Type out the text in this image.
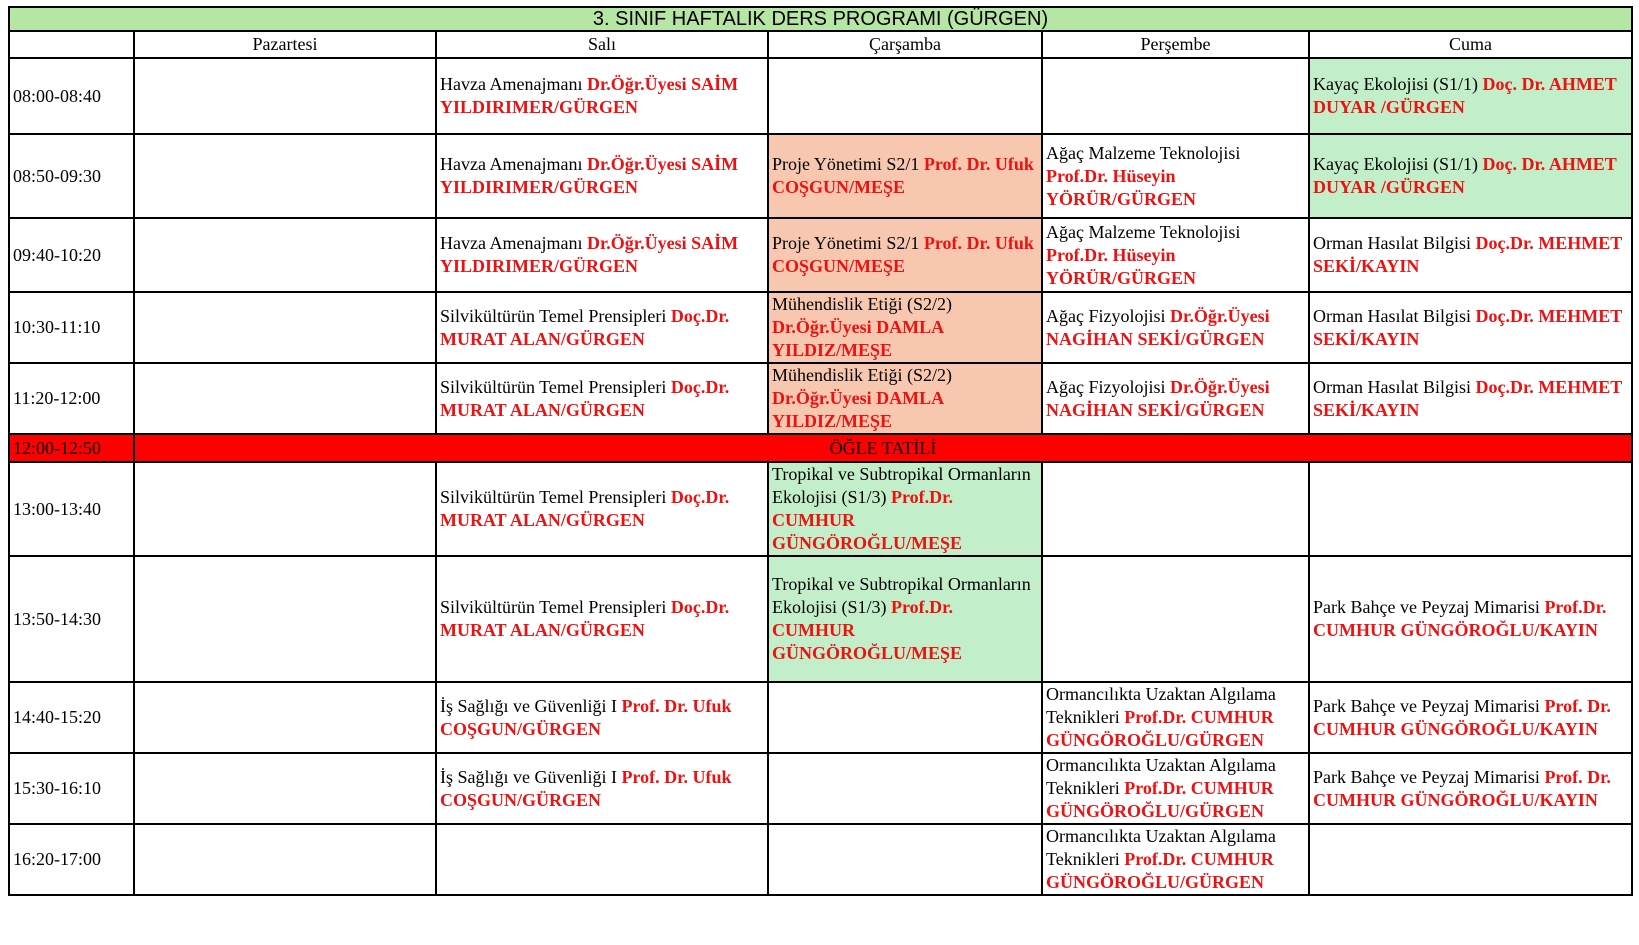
3. SINIF HAFTALIK DERS PROGRAMI (GÜRGEN)					
	Pazartesi	Salı	Çarşamba	Perşembe	Cuma
08:00-08:40		Havza Amenajmanı Dr.Öğr.Üyesi SAİM YILDIRIMER/GÜRGEN			Kayaç Ekolojisi (S1/1) Doç. Dr. AHMET DUYAR /GÜRGEN

08:50-09:30		Havza Amenajmanı Dr.Öğr.Üyesi SAİM YILDIRIMER/GÜRGEN	Proje Yönetimi S2/1 Prof. Dr. Ufuk COŞGUN/MEŞE	Ağaç Malzeme Teknolojisi Prof.Dr. Hüseyin YÖRÜR/GÜRGEN	Kayaç Ekolojisi (S1/1) Doç. Dr. AHMET DUYAR /GÜRGEN

09:40-10:20		Havza Amenajmanı Dr.Öğr.Üyesi SAİM YILDIRIMER/GÜRGEN	Proje Yönetimi S2/1 Prof. Dr. Ufuk COŞGUN/MEŞE	Ağaç Malzeme Teknolojisi Prof.Dr. Hüseyin YÖRÜR/GÜRGEN	Orman Hasılat Bilgisi Doç.Dr. MEHMET SEKİ/KAYIN

10:30-11:10		Silvikültürün Temel Prensipleri Doç.Dr. MURAT ALAN/GÜRGEN	Mühendislik Etiği (S2/2) Dr.Öğr.Üyesi DAMLA YILDIZ/MEŞE	Ağaç Fizyolojisi Dr.Öğr.Üyesi NAGİHAN SEKİ/GÜRGEN	Orman Hasılat Bilgisi Doç.Dr. MEHMET SEKİ/KAYIN

11:20-12:00		Silvikültürün Temel Prensipleri Doç.Dr. MURAT ALAN/GÜRGEN	Mühendislik Etiği (S2/2) Dr.Öğr.Üyesi DAMLA YILDIZ/MEŞE	Ağaç Fizyolojisi Dr.Öğr.Üyesi NAGİHAN SEKİ/GÜRGEN	Orman Hasılat Bilgisi Doç.Dr. MEHMET SEKİ/KAYIN

12:00-12:50	ÖĞLE TATİLİ				
13:00-13:40		Silvikültürün Temel Prensipleri Doç.Dr. MURAT ALAN/GÜRGEN	Tropikal ve Subtropikal Ormanların Ekolojisi (S1/3) Prof.Dr. CUMHUR GÜNGÖROĞLU/MEŞE		

13:50-14:30		Silvikültürün Temel Prensipleri Doç.Dr. MURAT ALAN/GÜRGEN	Tropikal ve Subtropikal Ormanların Ekolojisi (S1/3) Prof.Dr. CUMHUR GÜNGÖROĞLU/MEŞE		Park Bahçe ve Peyzaj Mimarisi Prof.Dr. CUMHUR GÜNGÖROĞLU/KAYIN

14:40-15:20		İş Sağlığı ve Güvenliği I Prof. Dr. Ufuk COŞGUN/GÜRGEN		Ormancılıkta Uzaktan Algılama Teknikleri Prof.Dr. CUMHUR GÜNGÖROĞLU/GÜRGEN	Park Bahçe ve Peyzaj Mimarisi Prof. Dr. CUMHUR GÜNGÖROĞLU/KAYIN

15:30-16:10		İş Sağlığı ve Güvenliği I Prof. Dr. Ufuk COŞGUN/GÜRGEN		Ormancılıkta Uzaktan Algılama Teknikleri Prof.Dr. CUMHUR GÜNGÖROĞLU/GÜRGEN	Park Bahçe ve Peyzaj Mimarisi Prof. Dr. CUMHUR GÜNGÖROĞLU/KAYIN

16:20-17:00				Ormancılıkta Uzaktan Algılama Teknikleri Prof.Dr. CUMHUR GÜNGÖROĞLU/GÜRGEN	
